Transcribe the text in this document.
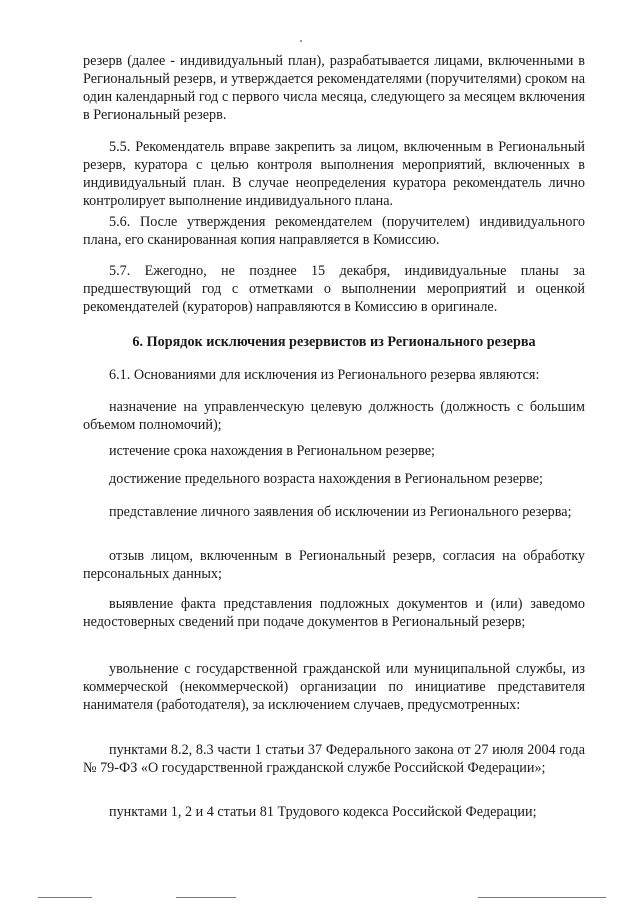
резерв (далее - индивидуальный план), разрабатывается лицами, включенными в Региональный резерв, и утверждается рекомендателями (поручителями) сроком на один календарный год с первого числа месяца, следующего за месяцем включения в Региональный резерв.

5.5. Рекомендатель вправе закрепить за лицом, включенным в Региональный резерв, куратора с целью контроля выполнения мероприятий, включенных в индивидуальный план. В случае неопределения куратора рекомендатель лично контролирует выполнение индивидуального плана.

5.6. После утверждения рекомендателем (поручителем) индивидуального плана, его сканированная копия направляется в Комиссию.

5.7. Ежегодно, не позднее 15 декабря, индивидуальные планы за предшествующий год с отметками о выполнении мероприятий и оценкой рекомендателей (кураторов) направляются в Комиссию в оригинале.

6. Порядок исключения резервистов из Регионального резерва

6.1. Основаниями для исключения из Регионального резерва являются:

назначение на управленческую целевую должность (должность с большим объемом полномочий);

истечение срока нахождения в Региональном резерве;

достижение предельного возраста нахождения в Региональном резерве;

представление личного заявления об исключении из Регионального резерва;

отзыв лицом, включенным в Региональный резерв, согласия на обработку персональных данных;

выявление факта представления подложных документов и (или) заведомо недостоверных сведений при подаче документов в Региональный резерв;

увольнение с государственной гражданской или муниципальной службы, из коммерческой (некоммерческой) организации по инициативе представителя нанимателя (работодателя), за исключением случаев, предусмотренных:

пунктами 8.2, 8.3 части 1 статьи 37 Федерального закона от 27 июля 2004 года № 79-ФЗ «О государственной гражданской службе Российской Федерации»;

пунктами 1, 2 и 4 статьи 81 Трудового кодекса Российской Федерации;
